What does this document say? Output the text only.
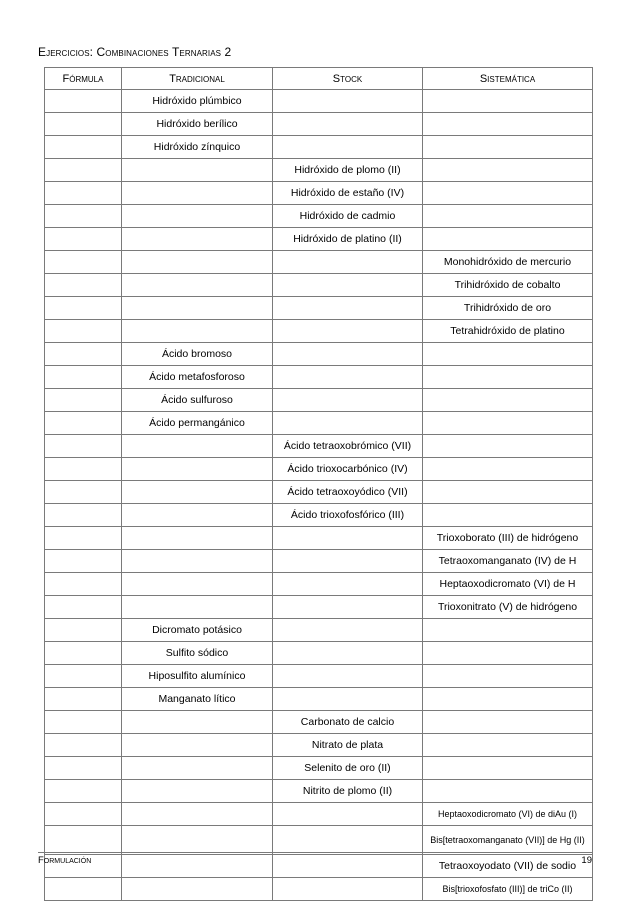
Ejercicios: Combinaciones Ternarias 2
Fórmula	Tradicional	Stock	Sistemática
	Hidróxido plúmbico		
	Hidróxido berílico		
	Hidróxido zínquico		
		Hidróxido de plomo (II)	
		Hidróxido de estaño (IV)	
		Hidróxido de cadmio	
		Hidróxido de platino (II)	
			Monohidróxido de mercurio
			Trihidróxido de cobalto
			Trihidróxido de oro
			Tetrahidróxido de platino
	Ácido bromoso		
	Ácido metafosforoso		
	Ácido sulfuroso		
	Ácido permangánico		
		Ácido tetraoxobrómico (VII)	
		Ácido trioxocarbónico (IV)	
		Ácido tetraoxoyódico (VII)	
		Ácido trioxofosfórico (III)	
			Trioxoborato (III) de hidrógeno
			Tetraoxomanganato (IV) de H
			Heptaoxodicromato (VI) de H
			Trioxonitrato (V) de hidrógeno
	Dicromato potásico		
	Sulfito sódico		
	Hiposulfito alumínico		
	Manganato lítico		
		Carbonato de calcio	
		Nitrato de plata	
		Selenito de oro (II)	
		Nitrito de plomo (II)	
			Heptaoxodicromato (VI) de diAu (I)
			Bis[tetraoxomanganato (VII)] de Hg (II)
			Tetraoxoyodato (VII) de sodio
			Bis[trioxofosfato (III)] de triCo (II)
Formulación	19
